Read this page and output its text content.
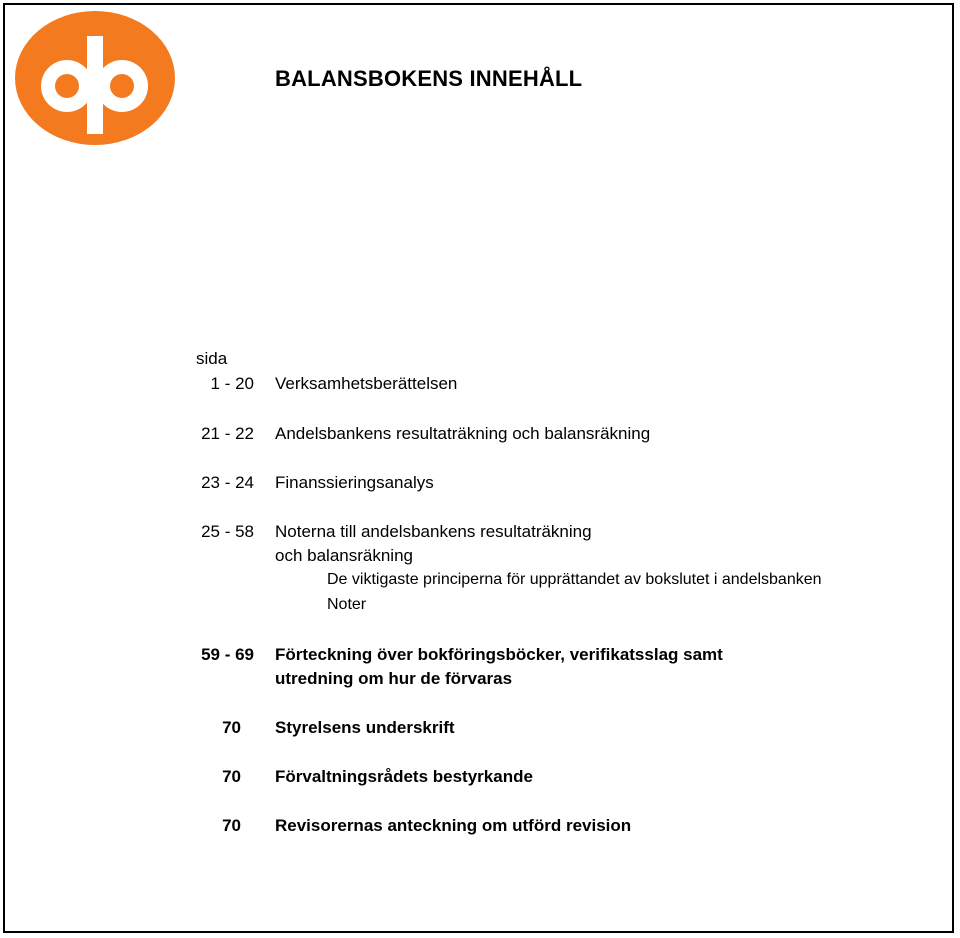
BALANSBOKENS INNEHÅLL
sida
1 - 20 Verksamhetsberättelsen
21 - 22 Andelsbankens resultaträkning och balansräkning
23 - 24 Finanssieringsanalys
25 - 58 Noterna till andelsbankens resultaträkning
och balansräkning
De viktigaste principerna för upprättandet av bokslutet i andelsbanken
Noter
59 - 69 Förteckning över bokföringsböcker, verifikatsslag samt
utredning om hur de förvaras
70 Styrelsens underskrift
70 Förvaltningsrådets bestyrkande
70 Revisorernas anteckning om utförd revision
